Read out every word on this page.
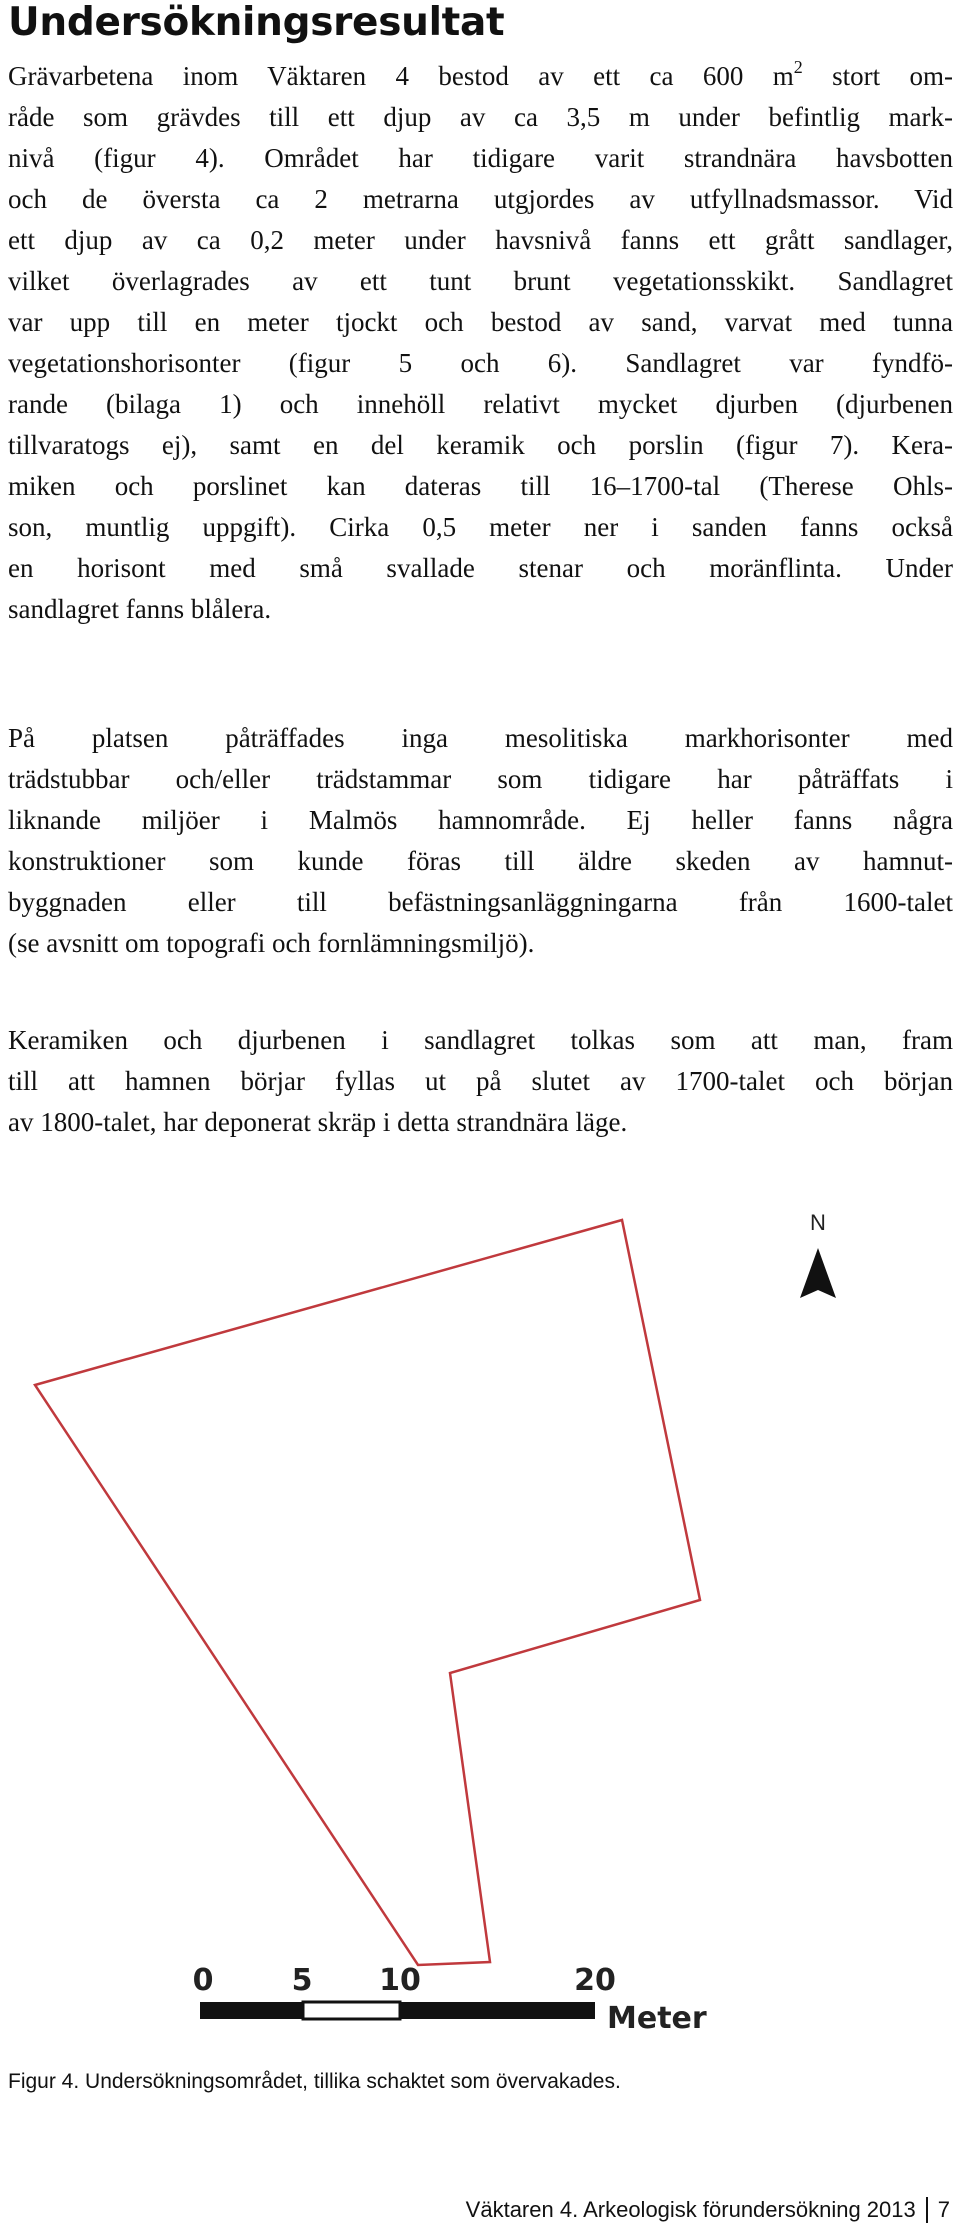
Undersökningsresultat
Grävarbetena inom Väktaren 4 bestod av ett ca 600 $m^2$ stort om-
råde som grävdes till ett djup av ca 3,5 m under befintlig mark-
nivå (figur 4). Området har tidigare varit strandnära havsbotten
och de översta ca 2 metrarna utgjordes av utfyllnadsmassor. Vid
ett djup av ca 0,2 meter under havsnivå fanns ett grått sandlager,
vilket överlagrades av ett tunt brunt vegetationsskikt. Sandlagret
var upp till en meter tjockt och bestod av sand, varvat med tunna
vegetationshorisonter (figur 5 och 6). Sandlagret var fyndfö-
rande (bilaga 1) och innehöll relativt mycket djurben (djurbenen
tillvaratogs ej), samt en del keramik och porslin (figur 7). Kera-
miken och porslinet kan dateras till 16–1700-tal (Therese Ohls-
son, muntlig uppgift). Cirka 0,5 meter ner i sanden fanns också
en horisont med små svallade stenar och moränflinta. Under
sandlagret fanns blålera.
På platsen påträffades inga mesolitiska markhorisonter med
trädstubbar och/eller trädstammar som tidigare har påträffats i
liknande miljöer i Malmös hamnområde. Ej heller fanns några
konstruktioner som kunde föras till äldre skeden av hamnut-
byggnaden eller till befästningsanläggningarna från 1600-talet
(se avsnitt om topografi och fornlämningsmiljö).
Keramiken och djurbenen i sandlagret tolkas som att man, fram
till att hamnen börjar fyllas ut på slutet av 1700-talet och början
av 1800-talet, har deponerat skräp i detta strandnära läge.
N
0	5 10	20
Meter

Figur 4. Undersökningsområdet, tillika schaktet som övervakades.

Väktaren 4. Arkeologisk förundersökning 2013 7
